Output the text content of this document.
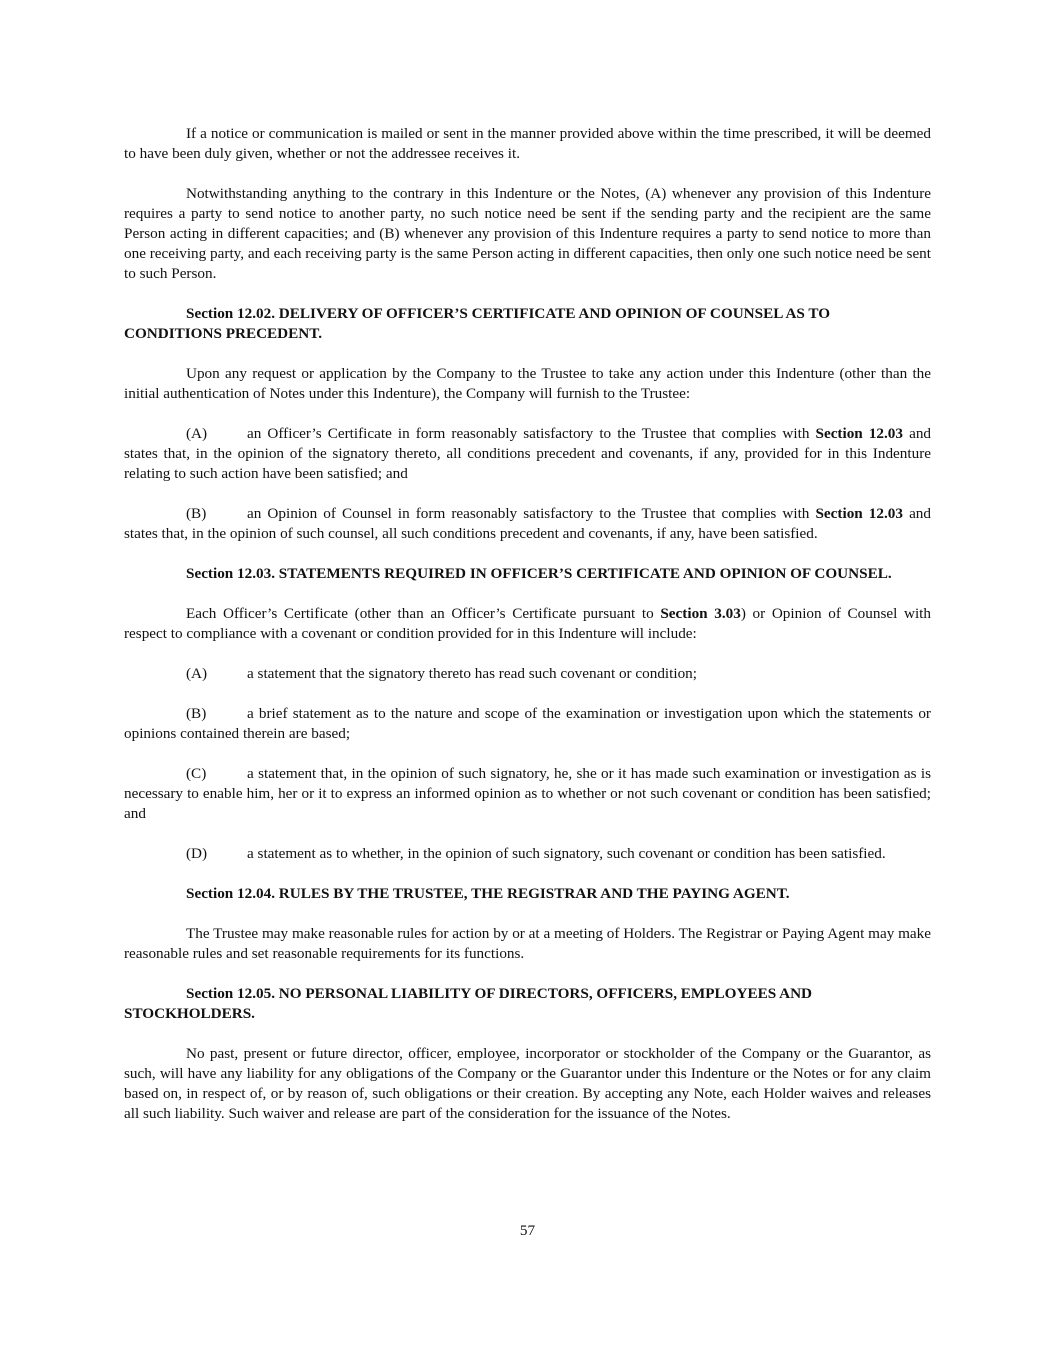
If a notice or communication is mailed or sent in the manner provided above within the time prescribed, it will be deemed to have been duly given, whether or not the addressee receives it.

Notwithstanding anything to the contrary in this Indenture or the Notes, (A) whenever any provision of this Indenture requires a party to send notice to another party, no such notice need be sent if the sending party and the recipient are the same Person acting in different capacities; and (B) whenever any provision of this Indenture requires a party to send notice to more than one receiving party, and each receiving party is the same Person acting in different capacities, then only one such notice need be sent to such Person.

Section 12.02. DELIVERY OF OFFICER’S CERTIFICATE AND OPINION OF COUNSEL AS TO CONDITIONS PRECEDENT.

Upon any request or application by the Company to the Trustee to take any action under this Indenture (other than the initial authentication of Notes under this Indenture), the Company will furnish to the Trustee:

(A)	an Officer’s Certificate in form reasonably satisfactory to the Trustee that complies with Section 12.03 and states that, in the opinion of the signatory thereto, all conditions precedent and covenants, if any, provided for in this Indenture relating to such action have been satisfied; and

(B)	an Opinion of Counsel in form reasonably satisfactory to the Trustee that complies with Section 12.03 and states that, in the opinion of such counsel, all such conditions precedent and covenants, if any, have been satisfied.

Section 12.03. STATEMENTS REQUIRED IN OFFICER’S CERTIFICATE AND OPINION OF COUNSEL.

Each Officer’s Certificate (other than an Officer’s Certificate pursuant to Section 3.03) or Opinion of Counsel with respect to compliance with a covenant or condition provided for in this Indenture will include:

(A)	a statement that the signatory thereto has read such covenant or condition;

(B)	a brief statement as to the nature and scope of the examination or investigation upon which the statements or opinions contained therein are based;

(C)	a statement that, in the opinion of such signatory, he, she or it has made such examination or investigation as is necessary to enable him, her or it to express an informed opinion as to whether or not such covenant or condition has been satisfied; and

(D)	a statement as to whether, in the opinion of such signatory, such covenant or condition has been satisfied.

Section 12.04. RULES BY THE TRUSTEE, THE REGISTRAR AND THE PAYING AGENT.

The Trustee may make reasonable rules for action by or at a meeting of Holders. The Registrar or Paying Agent may make reasonable rules and set reasonable requirements for its functions.

Section 12.05. NO PERSONAL LIABILITY OF DIRECTORS, OFFICERS, EMPLOYEES AND STOCKHOLDERS.

No past, present or future director, officer, employee, incorporator or stockholder of the Company or the Guarantor, as such, will have any liability for any obligations of the Company or the Guarantor under this Indenture or the Notes or for any claim based on, in respect of, or by reason of, such obligations or their creation. By accepting any Note, each Holder waives and releases all such liability. Such waiver and release are part of the consideration for the issuance of the Notes.

57
